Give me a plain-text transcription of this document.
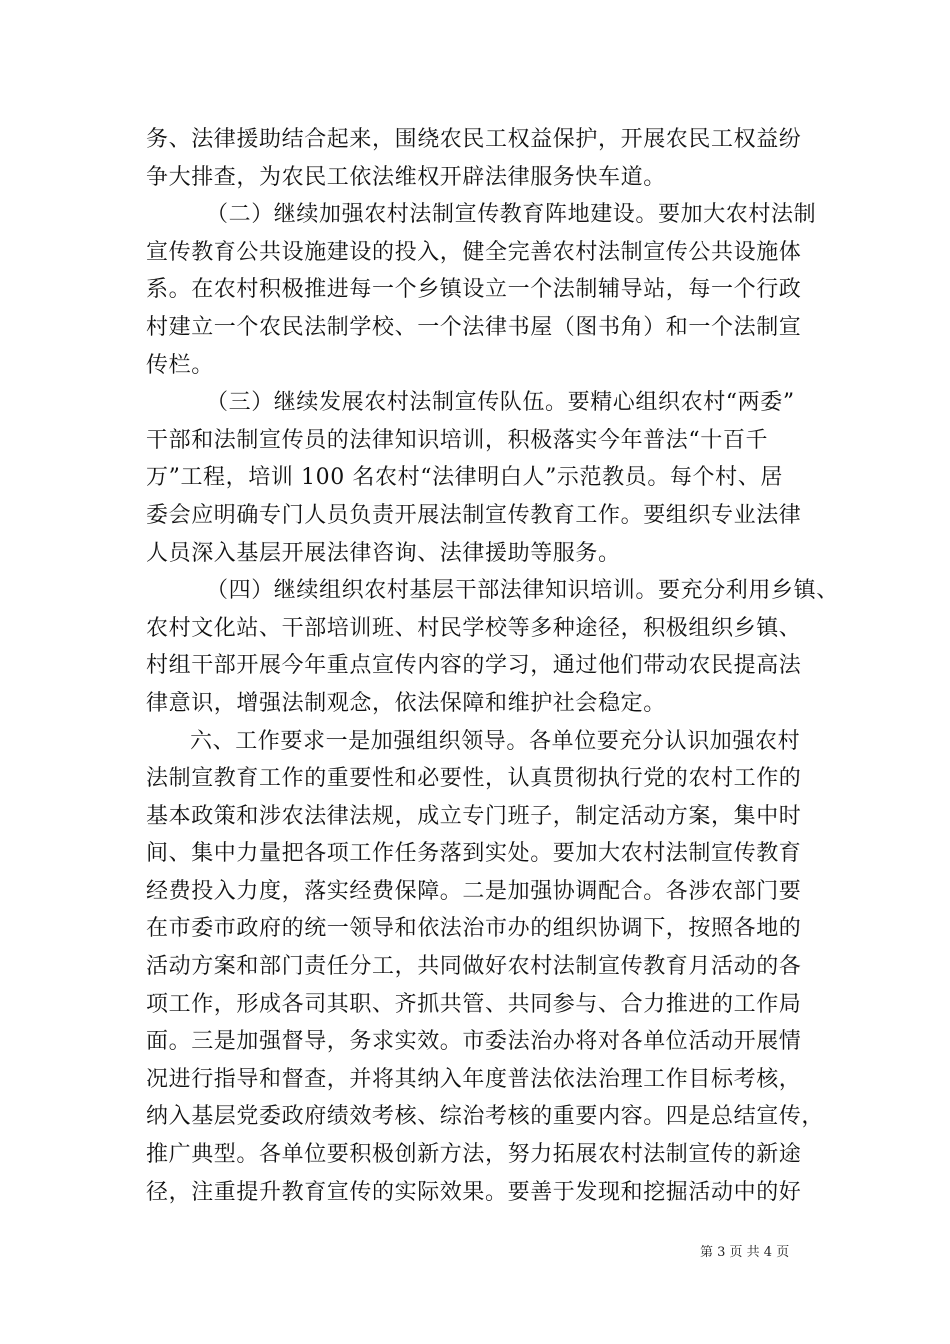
务、法律援助结合起来，围绕农民工权益保护，开展农民工权益纷
争大排查，为农民工依法维权开辟法律服务快车道。
（二）继续加强农村法制宣传教育阵地建设。要加大农村法制
宣传教育公共设施建设的投入，健全完善农村法制宣传公共设施体
系。在农村积极推进每一个乡镇设立一个法制辅导站，每一个行政
村建立一个农民法制学校、一个法律书屋（图书角）和一个法制宣
传栏。
（三）继续发展农村法制宣传队伍。要精心组织农村“两委”
干部和法制宣传员的法律知识培训，积极落实今年普法“十百千
万”工程，培训 100 名农村“法律明白人”示范教员。每个村、居
委会应明确专门人员负责开展法制宣传教育工作。要组织专业法律
人员深入基层开展法律咨询、法律援助等服务。
（四）继续组织农村基层干部法律知识培训。要充分利用乡镇、
农村文化站、干部培训班、村民学校等多种途径，积极组织乡镇、
村组干部开展今年重点宣传内容的学习，通过他们带动农民提高法
律意识，增强法制观念，依法保障和维护社会稳定。
六、工作要求一是加强组织领导。各单位要充分认识加强农村
法制宣教育工作的重要性和必要性，认真贯彻执行党的农村工作的
基本政策和涉农法律法规，成立专门班子，制定活动方案，集中时
间、集中力量把各项工作任务落到实处。要加大农村法制宣传教育
经费投入力度，落实经费保障。二是加强协调配合。各涉农部门要
在市委市政府的统一领导和依法治市办的组织协调下，按照各地的
活动方案和部门责任分工，共同做好农村法制宣传教育月活动的各
项工作，形成各司其职、齐抓共管、共同参与、合力推进的工作局
面。三是加强督导，务求实效。市委法治办将对各单位活动开展情
况进行指导和督查，并将其纳入年度普法依法治理工作目标考核，
纳入基层党委政府绩效考核、综治考核的重要内容。四是总结宣传，
推广典型。各单位要积极创新方法，努力拓展农村法制宣传的新途
径，注重提升教育宣传的实际效果。要善于发现和挖掘活动中的好
第 3 页 共 4 页
